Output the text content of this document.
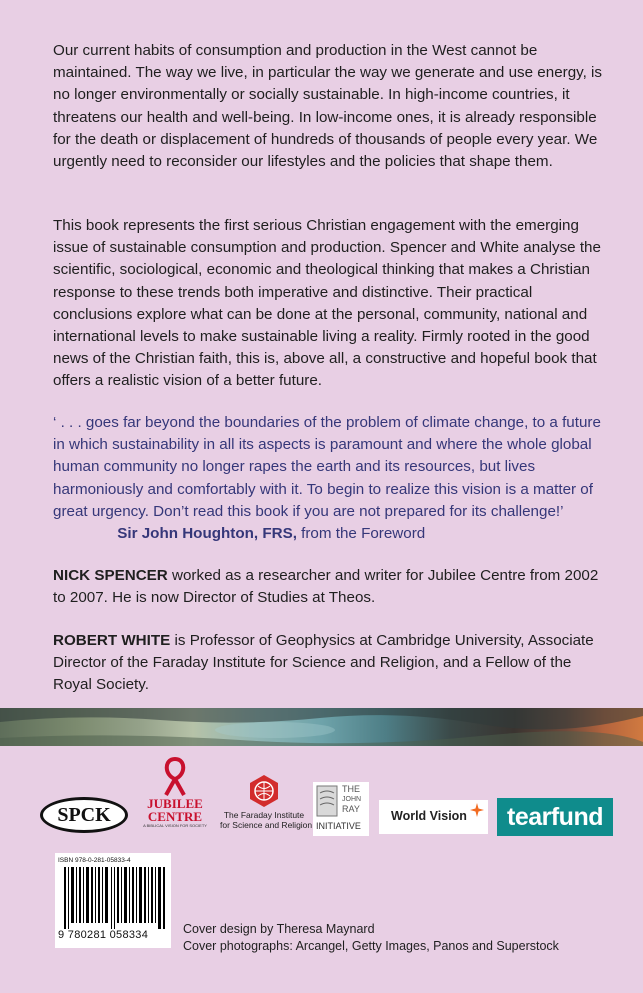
Our current habits of consumption and production in the West cannot be maintained. The way we live, in particular the way we generate and use energy, is no longer environmentally or socially sustainable. In high-income countries, it threatens our health and well-being. In low-income ones, it is already responsible for the death or displacement of hundreds of thousands of people every year. We urgently need to reconsider our lifestyles and the policies that shape them.
This book represents the first serious Christian engagement with the emerging issue of sustainable consumption and production. Spencer and White analyse the scientific, sociological, economic and theological thinking that makes a Christian response to these trends both imperative and distinctive. Their practical conclusions explore what can be done at the personal, community, national and international levels to make sustainable living a reality. Firmly rooted in the good news of the Christian faith, this is, above all, a constructive and hopeful book that offers a realistic vision of a better future.
‘ . . . goes far beyond the boundaries of the problem of climate change, to a future in which sustainability in all its aspects is paramount and where the whole global human community no longer rapes the earth and its resources, but lives harmoniously and comfortably with it. To begin to realize this vision is a matter of great urgency. Don’t read this book if you are not prepared for its challenge!’  Sir John Houghton, FRS, from the Foreword
NICK SPENCER worked as a researcher and writer for Jubilee Centre from 2002 to 2007. He is now Director of Studies at Theos.
ROBERT WHITE is Professor of Geophysics at Cambridge University, Associate Director of the Faraday Institute for Science and Religion, and a Fellow of the Royal Society.
SPCK
JUBILEE
CENTRE
A BIBLICAL VISION FOR SOCIETY
The Faraday Institute
for Science and Religion
THE
JOHN
RAY
INITIATIVE
World Vision	tearfund
ISBN 978-0-281-05833-4
9 780281 058334	Cover design by Theresa Maynard
Cover photographs: Arcangel, Getty Images, Panos and Superstock
